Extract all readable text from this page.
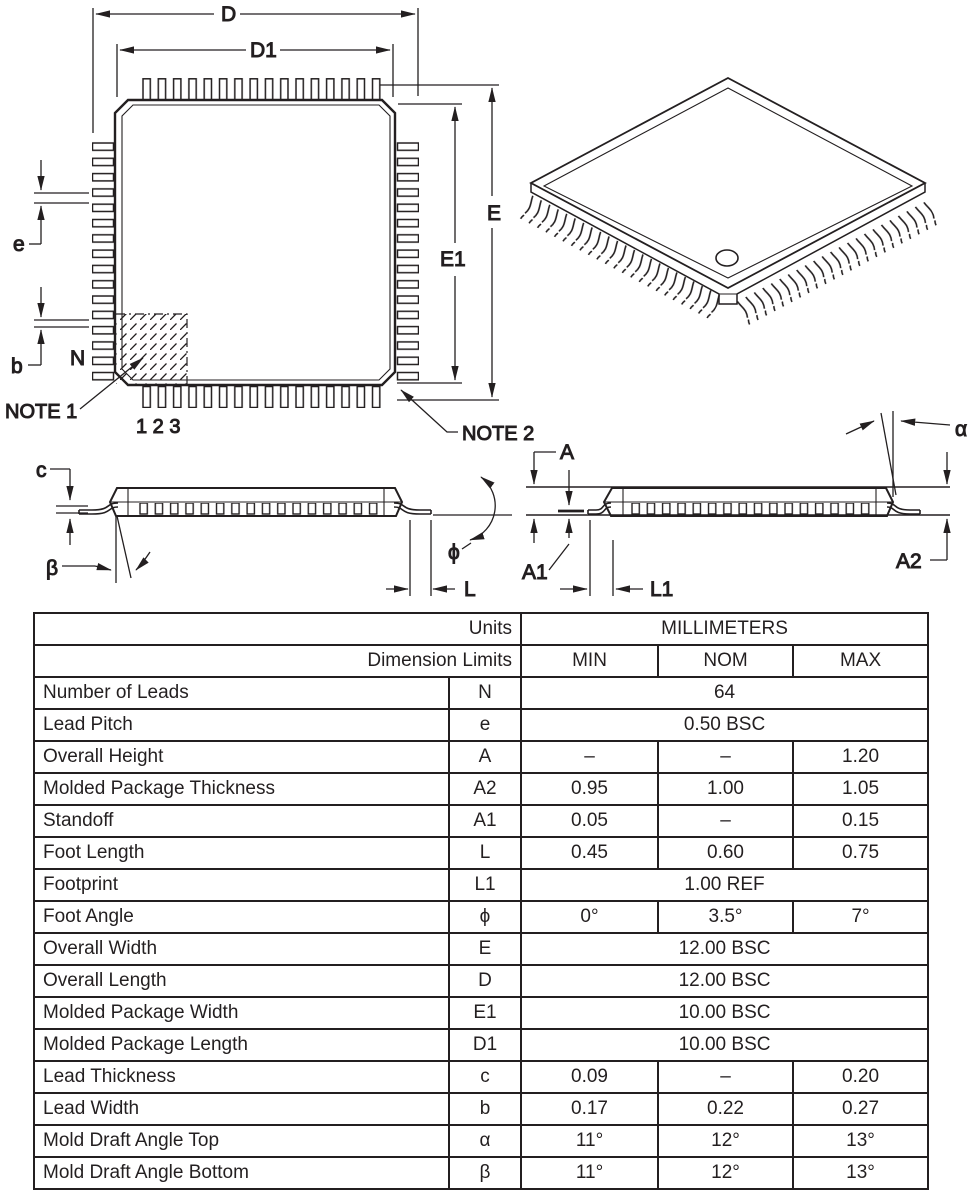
D
D1
E
E1
e
b N
NOTE 1
NOTE 2
1 2 3
c
β
ϕ
L
A
A1
L1
α
A2
Units		MILLIMETERS		
Dimension Limits		MIN	NOM	MAX
Number of Leads	N	64		
Lead Pitch	e	0.50 BSC		
Overall Height	A	–	–	1.20
Molded Package Thickness	A2	0.95	1.00	1.05
Standoff	A1	0.05	–	0.15
Foot Length	L	0.45	0.60	0.75
Footprint	L1	1.00 REF		
Foot Angle	ϕ	0°	3.5°	7°
Overall Width	E	12.00 BSC		
Overall Length	D	12.00 BSC		
Molded Package Width	E1	10.00 BSC		
Molded Package Length	D1	10.00 BSC		
Lead Thickness	c	0.09	–	0.20
Lead Width	b	0.17	0.22	0.27
Mold Draft Angle Top	α	11°	12°	13°
Mold Draft Angle Bottom	β	11°	12°	13°
